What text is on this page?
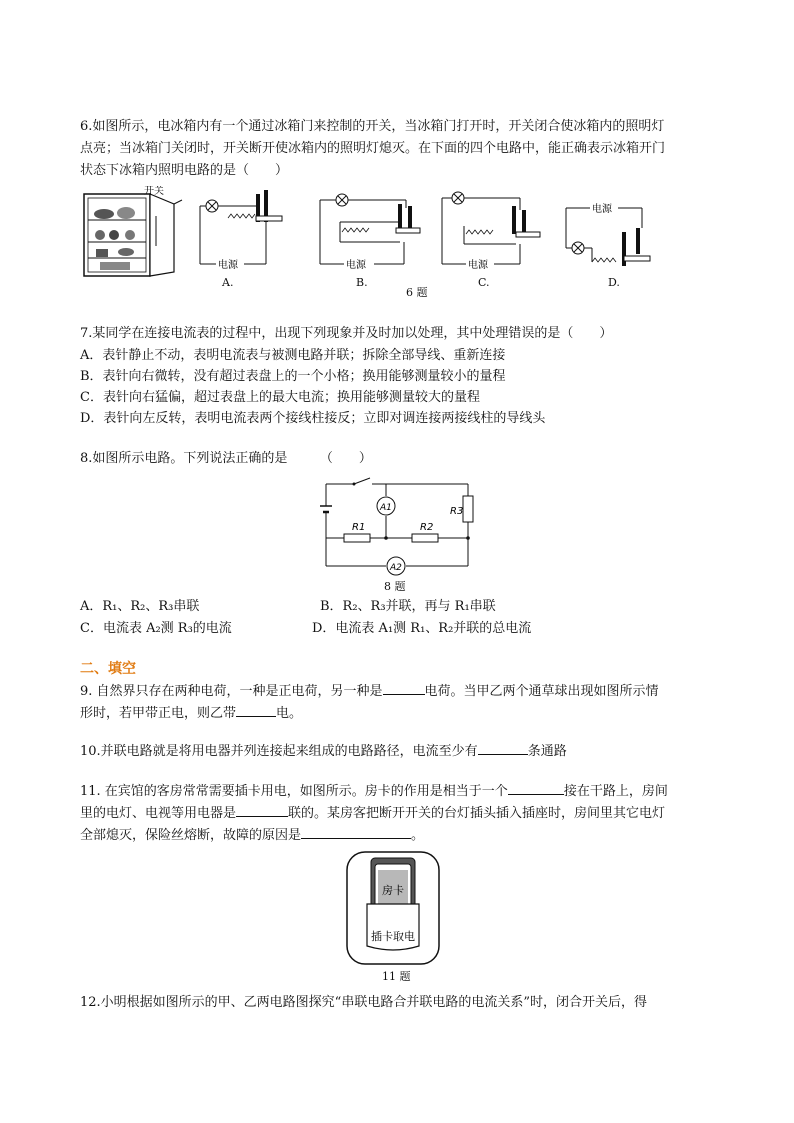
6.如图所示，电冰箱内有一个通过冰箱门来控制的开关，当冰箱门打开时，开关闭合使冰箱内的照明灯
点亮；当冰箱门关闭时，开关断开使冰箱内的照明灯熄灭。在下面的四个电路中，能正确表示冰箱开门
状态下冰箱内照明电路的是（　　）
开关
电源
A.
电源
B.
6 题
电源
C.
电源
D.
7.某同学在连接电流表的过程中，出现下列现象并及时加以处理，其中处理错误的是（　　）
A．表针静止不动，表明电流表与被测电路并联；拆除全部导线、重新连接
B．表针向右微转，没有超过表盘上的一个小格；换用能够测量较小的量程
C．表针向右猛偏，超过表盘上的最大电流；换用能够测量较大的量程
D．表针向左反转，表明电流表两个接线柱接反；立即对调连接两接线柱的导线头
8.如图所示电路。下列说法正确的是　　　（　　）
A1	R3
R1	R2
A2
8 题
A．R₁、R₂、R₃串联	B．R₂、R₃并联，再与 R₁串联
C．电流表 A₂测 R₃的电流	D．电流表 A₁测 R₁、R₂并联的总电流
二、填空
9. 自然界只存在两种电荷，一种是正电荷，另一种是	电荷。当甲乙两个通草球出现如图所示情
形时，若甲带正电，则乙带	电。
10.并联电路就是将用电器并列连接起来组成的电路路径，电流至少有	条通路
11. 在宾馆的客房常常需要插卡用电，如图所示。房卡的作用是相当于一个	接在干路上，房间
里的电灯、电视等用电器是	联的。某房客把断开开关的台灯插头插入插座时，房间里其它电灯
全部熄灭，保险丝熔断，故障的原因是	。
房卡
插卡取电
11 题
12.小明根据如图所示的甲、乙两电路图探究“串联电路合并联电路的电流关系”时，闭合开关后，得
